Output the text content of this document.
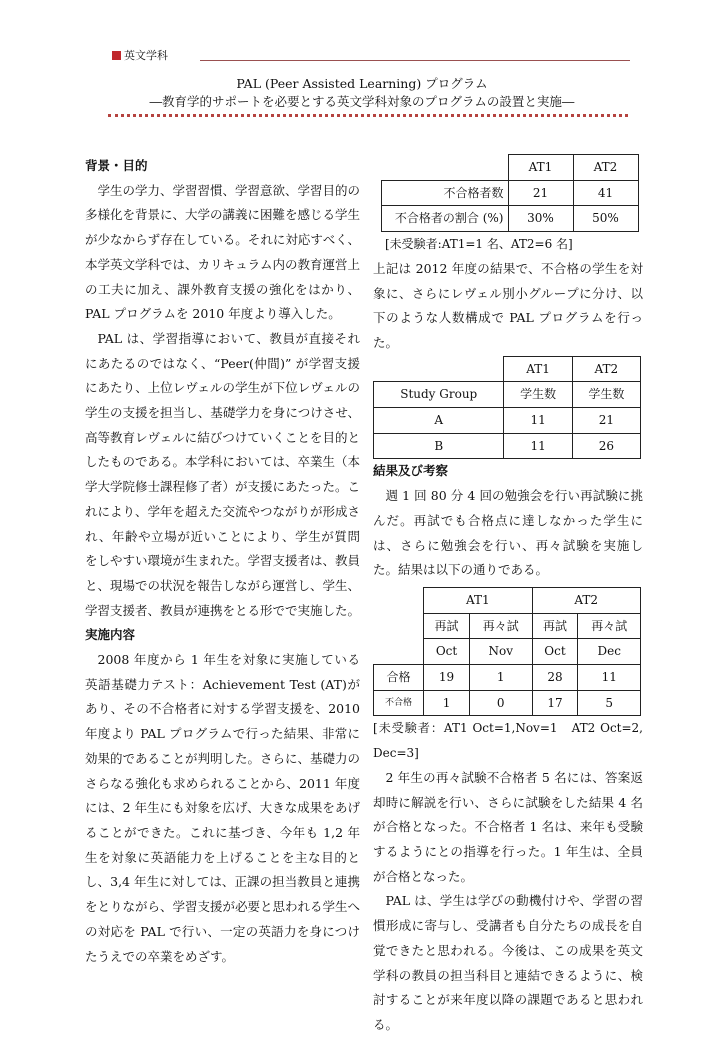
英文学科
PAL (Peer Assisted Learning) プログラム
―教育学的サポートを必要とする英文学科対象のプログラムの設置と実施―
背景・目的

学生の学力、学習習慣、学習意欲、学習目的の多様化を背景に、大学の講義に困難を感じる学生が少なからず存在している。それに対応すべく、本学英文学科では、カリキュラム内の教育運営上の工夫に加え、課外教育支援の強化をはかり、PAL プログラムを 2010 年度より導入した。

PAL は、学習指導において、教員が直接それにあたるのではなく、“Peer(仲間)” が学習支援にあたり、上位レヴェルの学生が下位レヴェルの学生の支援を担当し、基礎学力を身につけさせ、高等教育レヴェルに結びつけていくことを目的としたものである。本学科においては、卒業生（本学大学院修士課程修了者）が支援にあたった。これにより、学年を超えた交流やつながりが形成され、年齢や立場が近いことにより、学生が質問をしやすい環境が生まれた。学習支援者は、教員と、現場での状況を報告しながら運営し、学生、学習支援者、教員が連携をとる形でで実施した。

実施内容

2008 年度から 1 年生を対象に実施している英語基礎力テスト：Achievement Test (AT)があり、その不合格者に対する学習支援を、2010 年度より PAL プログラムで行った結果、非常に効果的であることが判明した。さらに、基礎力のさらなる強化も求められることから、2011 年度には、2 年生にも対象を広げ、大きな成果をあげることができた。これに基づき、今年も 1,2 年生を対象に英語能力を上げることを主な目的とし、3,4 年生に対しては、正課の担当教員と連携をとりながら、学習支援が必要と思われる学生への対応を PAL で行い、一定の英語力を身につけたうえでの卒業をめざす。

	AT1	AT2
不合格者数	21	41
不合格者の割合 (%)	30%	50%

[未受験者:AT1=1 名、AT2=6 名]

上記は 2012 年度の結果で、不合格の学生を対象に、さらにレヴェル別小グループに分け、以下のような人数構成で PAL プログラムを行った。

	AT1	AT2
Study Group	学生数	学生数
A	11	21
B	11	26
結果及び考察

週 1 回 80 分 4 回の勉強会を行い再試験に挑んだ。再試でも合格点に達しなかった学生には、さらに勉強会を行い、再々試験を実施した。結果は以下の通りである。

	AT1		AT2	
	再試	再々試	再試	再々試
	Oct	Nov	Oct	Dec
合格	19	1	28	11
不合格	1	0	17	5

[未受験者：AT1 Oct=1,Nov=1　AT2 Oct=2, Dec=3]

2 年生の再々試験不合格者 5 名には、答案返却時に解説を行い、さらに試験をした結果 4 名が合格となった。不合格者 1 名は、来年も受験するようにとの指導を行った。1 年生は、全員が合格となった。

PAL は、学生は学びの動機付けや、学習の習慣形成に寄与し、受講者も自分たちの成長を自覚できたと思われる。今後は、この成果を英文学科の教員の担当科目と連結できるように、検討することが来年度以降の課題であると思われる。
